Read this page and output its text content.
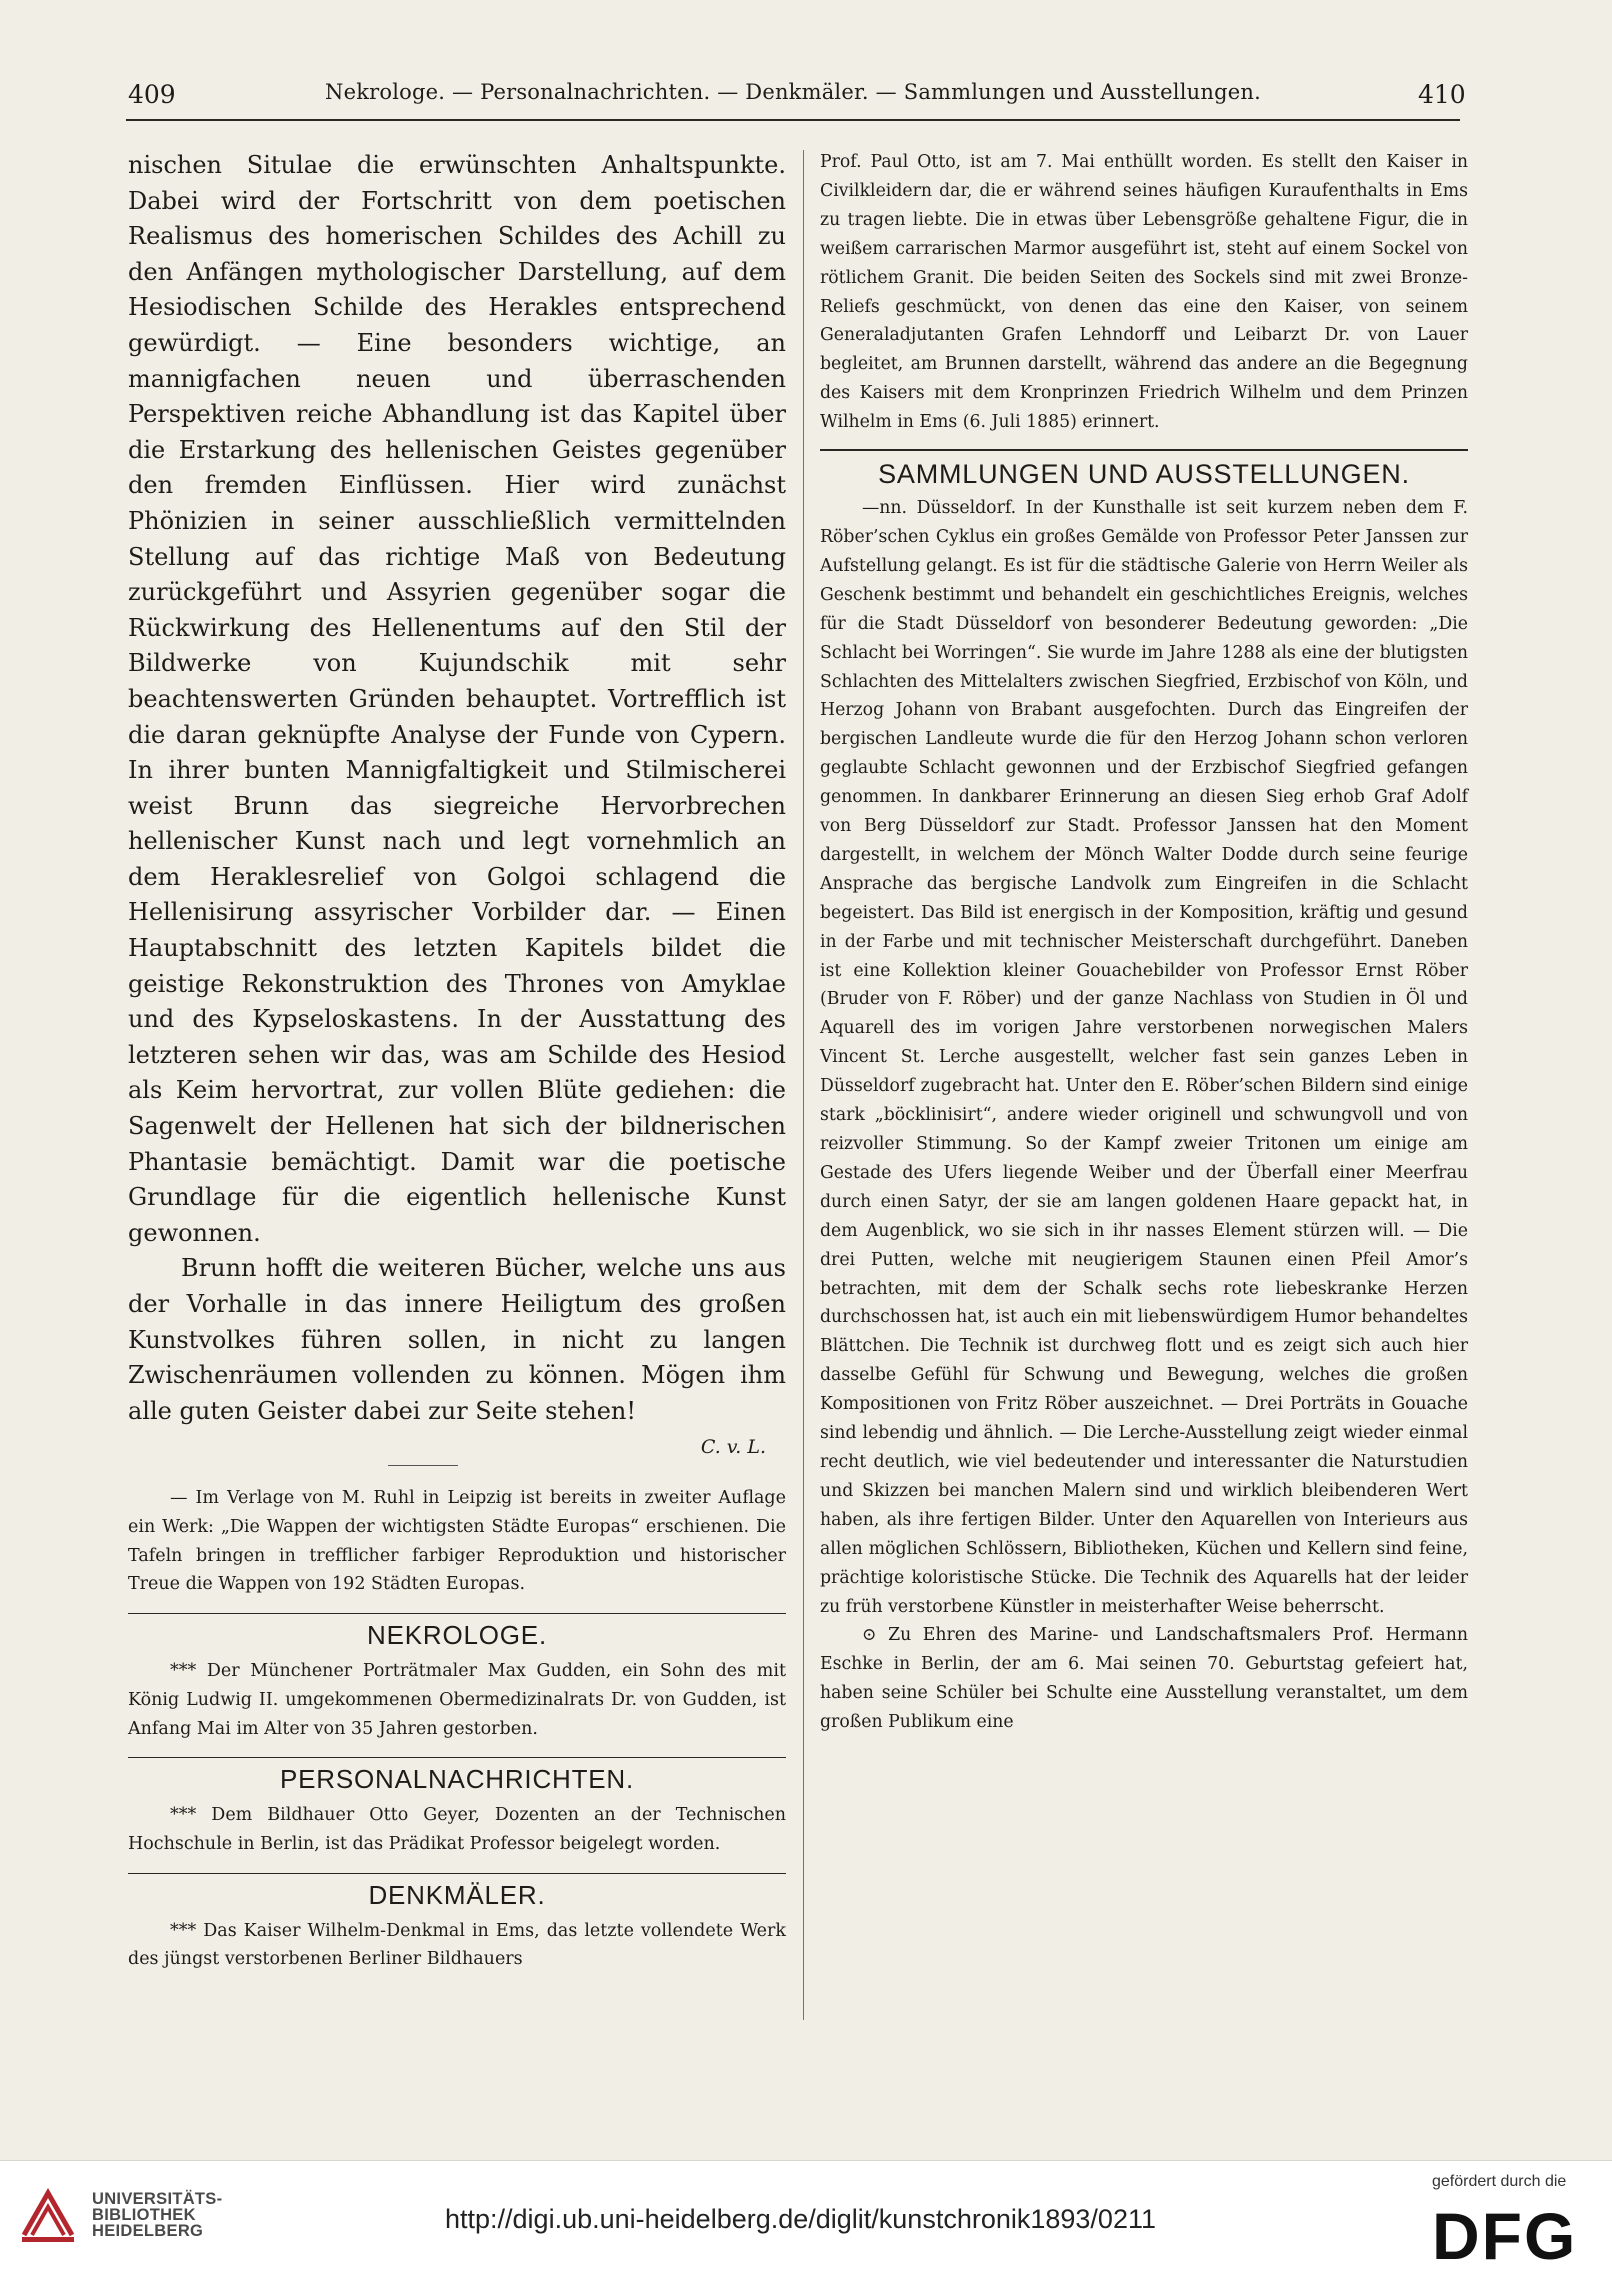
409	Nekrologe. — Personalnachrichten. — Denkmäler. — Sammlungen und Ausstellungen.	410

nischen Situlae die erwünschten Anhaltspunkte. Dabei wird der Fortschritt von dem poetischen Realismus des homerischen Schildes des Achill zu den Anfängen mythologischer Darstellung, auf dem Hesiodischen Schilde des Herakles entsprechend gewürdigt. — Eine besonders wichtige, an mannigfachen neuen und überraschenden Perspektiven reiche Abhandlung ist das Kapitel über die Erstarkung des hellenischen Geistes gegenüber den fremden Einflüssen. Hier wird zunächst Phönizien in seiner ausschließlich vermittelnden Stellung auf das richtige Maß von Bedeutung zurückgeführt und Assyrien gegenüber sogar die Rückwirkung des Hellenentums auf den Stil der Bildwerke von Kujundschik mit sehr beachtenswerten Gründen behauptet. Vortrefflich ist die daran geknüpfte Analyse der Funde von Cypern. In ihrer bunten Mannigfaltigkeit und Stilmischerei weist Brunn das siegreiche Hervorbrechen hellenischer Kunst nach und legt vornehmlich an dem Heraklesrelief von Golgoi schlagend die Hellenisirung assyrischer Vorbilder dar. — Einen Hauptabschnitt des letzten Kapitels bildet die geistige Rekonstruktion des Thrones von Amyklae und des Kypseloskastens. In der Ausstattung des letzteren sehen wir das, was am Schilde des Hesiod als Keim hervortrat, zur vollen Blüte gediehen: die Sagenwelt der Hellenen hat sich der bildnerischen Phantasie bemächtigt. Damit war die poetische Grundlage für die eigentlich hellenische Kunst gewonnen.

Brunn hofft die weiteren Bücher, welche uns aus der Vorhalle in das innere Heiligtum des großen Kunstvolkes führen sollen, in nicht zu langen Zwischenräumen vollenden zu können. Mögen ihm alle guten Geister dabei zur Seite stehen!

C. v. L.

— Im Verlage von M. Ruhl in Leipzig ist bereits in zweiter Auflage ein Werk: „Die Wappen der wichtigsten Städte Europas“ erschienen. Die Tafeln bringen in trefflicher farbiger Reproduktion und historischer Treue die Wappen von 192 Städten Europas.

NEKROLOGE.

*** Der Münchener Porträtmaler Max Gudden, ein Sohn des mit König Ludwig II. umgekommenen Obermedizinalrats Dr. von Gudden, ist Anfang Mai im Alter von 35 Jahren gestorben.

PERSONALNACHRICHTEN.

*** Dem Bildhauer Otto Geyer, Dozenten an der Technischen Hochschule in Berlin, ist das Prädikat Professor beigelegt worden.

DENKMÄLER.

*** Das Kaiser Wilhelm-Denkmal in Ems, das letzte vollendete Werk des jüngst verstorbenen Berliner Bildhauers

Prof. Paul Otto, ist am 7. Mai enthüllt worden. Es stellt den Kaiser in Civilkleidern dar, die er während seines häufigen Kuraufenthalts in Ems zu tragen liebte. Die in etwas über Lebensgröße gehaltene Figur, die in weißem carrarischen Marmor ausgeführt ist, steht auf einem Sockel von rötlichem Granit. Die beiden Seiten des Sockels sind mit zwei Bronze-Reliefs geschmückt, von denen das eine den Kaiser, von seinem Generaladjutanten Grafen Lehndorff und Leibarzt Dr. von Lauer begleitet, am Brunnen darstellt, während das andere an die Begegnung des Kaisers mit dem Kronprinzen Friedrich Wilhelm und dem Prinzen Wilhelm in Ems (6. Juli 1885) erinnert.

SAMMLUNGEN UND AUSSTELLUNGEN.

—nn. Düsseldorf. In der Kunsthalle ist seit kurzem neben dem F. Röber’schen Cyklus ein großes Gemälde von Professor Peter Janssen zur Aufstellung gelangt. Es ist für die städtische Galerie von Herrn Weiler als Geschenk bestimmt und behandelt ein geschichtliches Ereignis, welches für die Stadt Düsseldorf von besonderer Bedeutung geworden: „Die Schlacht bei Worringen“. Sie wurde im Jahre 1288 als eine der blutigsten Schlachten des Mittelalters zwischen Siegfried, Erzbischof von Köln, und Herzog Johann von Brabant ausgefochten. Durch das Eingreifen der bergischen Landleute wurde die für den Herzog Johann schon verloren geglaubte Schlacht gewonnen und der Erzbischof Siegfried gefangen genommen. In dankbarer Erinnerung an diesen Sieg erhob Graf Adolf von Berg Düsseldorf zur Stadt. Professor Janssen hat den Moment dargestellt, in welchem der Mönch Walter Dodde durch seine feurige Ansprache das bergische Landvolk zum Eingreifen in die Schlacht begeistert. Das Bild ist energisch in der Komposition, kräftig und gesund in der Farbe und mit technischer Meisterschaft durchgeführt. Daneben ist eine Kollektion kleiner Gouachebilder von Professor Ernst Röber (Bruder von F. Röber) und der ganze Nachlass von Studien in Öl und Aquarell des im vorigen Jahre verstorbenen norwegischen Malers Vincent St. Lerche ausgestellt, welcher fast sein ganzes Leben in Düsseldorf zugebracht hat. Unter den E. Röber’schen Bildern sind einige stark „böcklinisirt“, andere wieder originell und schwungvoll und von reizvoller Stimmung. So der Kampf zweier Tritonen um einige am Gestade des Ufers liegende Weiber und der Überfall einer Meerfrau durch einen Satyr, der sie am langen goldenen Haare gepackt hat, in dem Augenblick, wo sie sich in ihr nasses Element stürzen will. — Die drei Putten, welche mit neugierigem Staunen einen Pfeil Amor’s betrachten, mit dem der Schalk sechs rote liebeskranke Herzen durchschossen hat, ist auch ein mit liebenswürdigem Humor behandeltes Blättchen. Die Technik ist durchweg flott und es zeigt sich auch hier dasselbe Gefühl für Schwung und Bewegung, welches die großen Kompositionen von Fritz Röber auszeichnet. — Drei Porträts in Gouache sind lebendig und ähnlich. — Die Lerche-Ausstellung zeigt wieder einmal recht deutlich, wie viel bedeutender und interessanter die Naturstudien und Skizzen bei manchen Malern sind und wirklich bleibenderen Wert haben, als ihre fertigen Bilder. Unter den Aquarellen von Interieurs aus allen möglichen Schlössern, Bibliotheken, Küchen und Kellern sind feine, prächtige koloristische Stücke. Die Technik des Aquarells hat der leider zu früh verstorbene Künstler in meisterhafter Weise beherrscht.

⊙ Zu Ehren des Marine- und Landschaftsmalers Prof. Hermann Eschke in Berlin, der am 6. Mai seinen 70. Geburtstag gefeiert hat, haben seine Schüler bei Schulte eine Ausstellung veranstaltet, um dem großen Publikum eine

UNIVERSITÄTS-
BIBLIOTHEK
HEIDELBERG	http://digi.ub.uni-heidelberg.de/diglit/kunstchronik1893/0211
gefördert durch die
DFG
